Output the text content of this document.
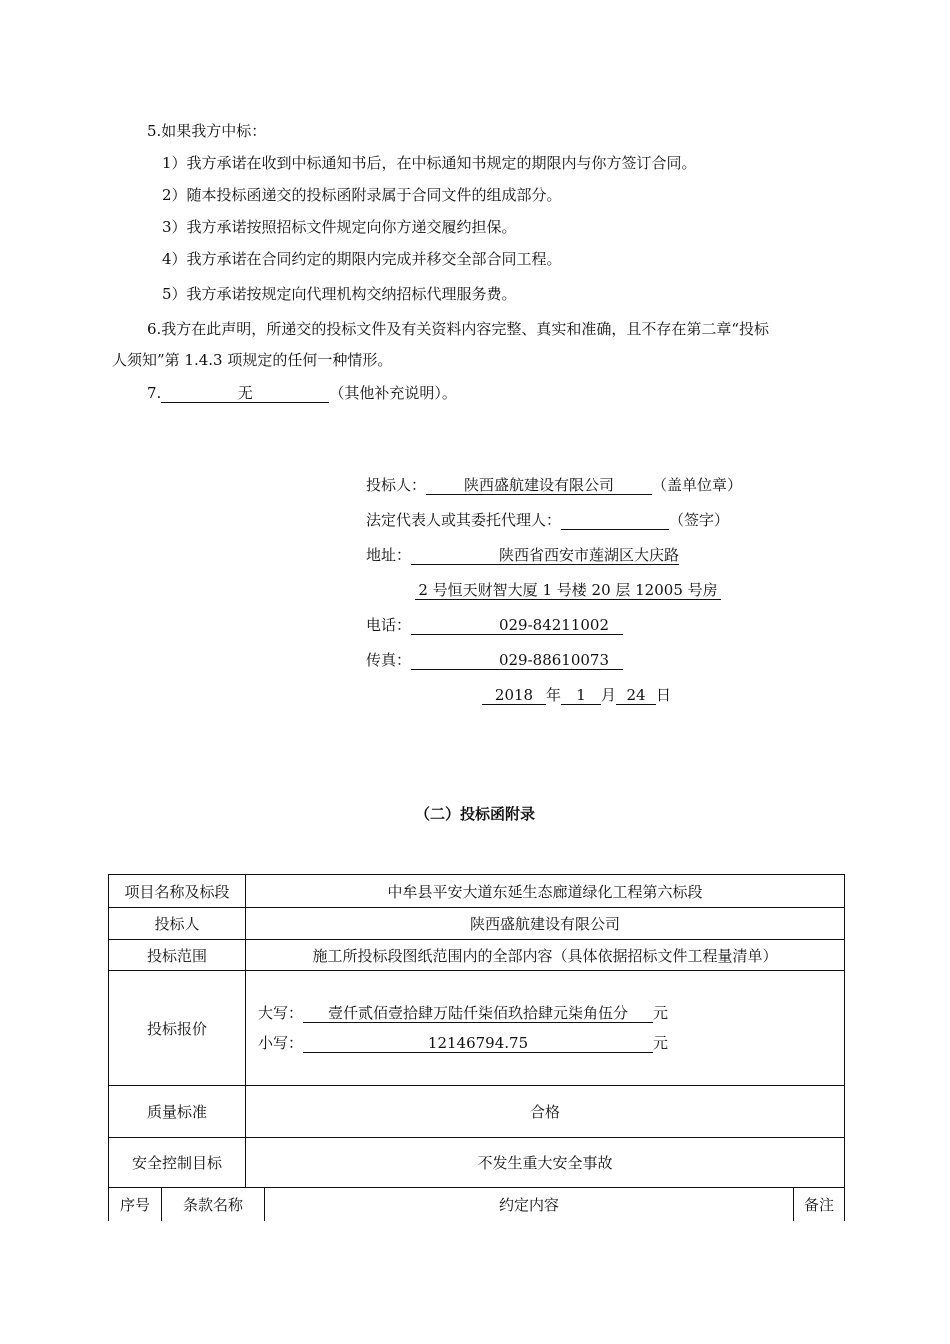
5.如果我方中标：
1）我方承诺在收到中标通知书后，在中标通知书规定的期限内与你方签订合同。
2）随本投标函递交的投标函附录属于合同文件的组成部分。
3）我方承诺按照招标文件规定向你方递交履约担保。
4）我方承诺在合同约定的期限内完成并移交全部合同工程。
5）我方承诺按规定向代理机构交纳招标代理服务费。
6.我方在此声明，所递交的投标文件及有关资料内容完整、真实和准确，且不存在第二章“投标
人须知”第 1.4.3 项规定的任何一种情形。
7.	无	（其他补充说明）。
投标人：	陕西盛航建设有限公司	（盖单位章）
法定代表人或其委托代理人：	（签字）
地址：	陕西省西安市莲湖区大庆路
2 号恒天财智大厦 1 号楼 20 层 12005 号房
电话：	029-84211002
传真：	029-88610073
2018 年 1 月 24 日
（二）投标函附录
项目名称及标段	中牟县平安大道东延生态廊道绿化工程第六标段
投标人	陕西盛航建设有限公司
投标范围	施工所投标段图纸范围内的全部内容（具体依据招标文件工程量清单）
投标报价	大写： 壹仟贰佰壹拾肆万陆仟柒佰玖拾肆元柒角伍分 元
小写： 12146794.75 元

质量标准	合格
安全控制目标	不发生重大安全事故
序号	条款名称	约定内容	备注
